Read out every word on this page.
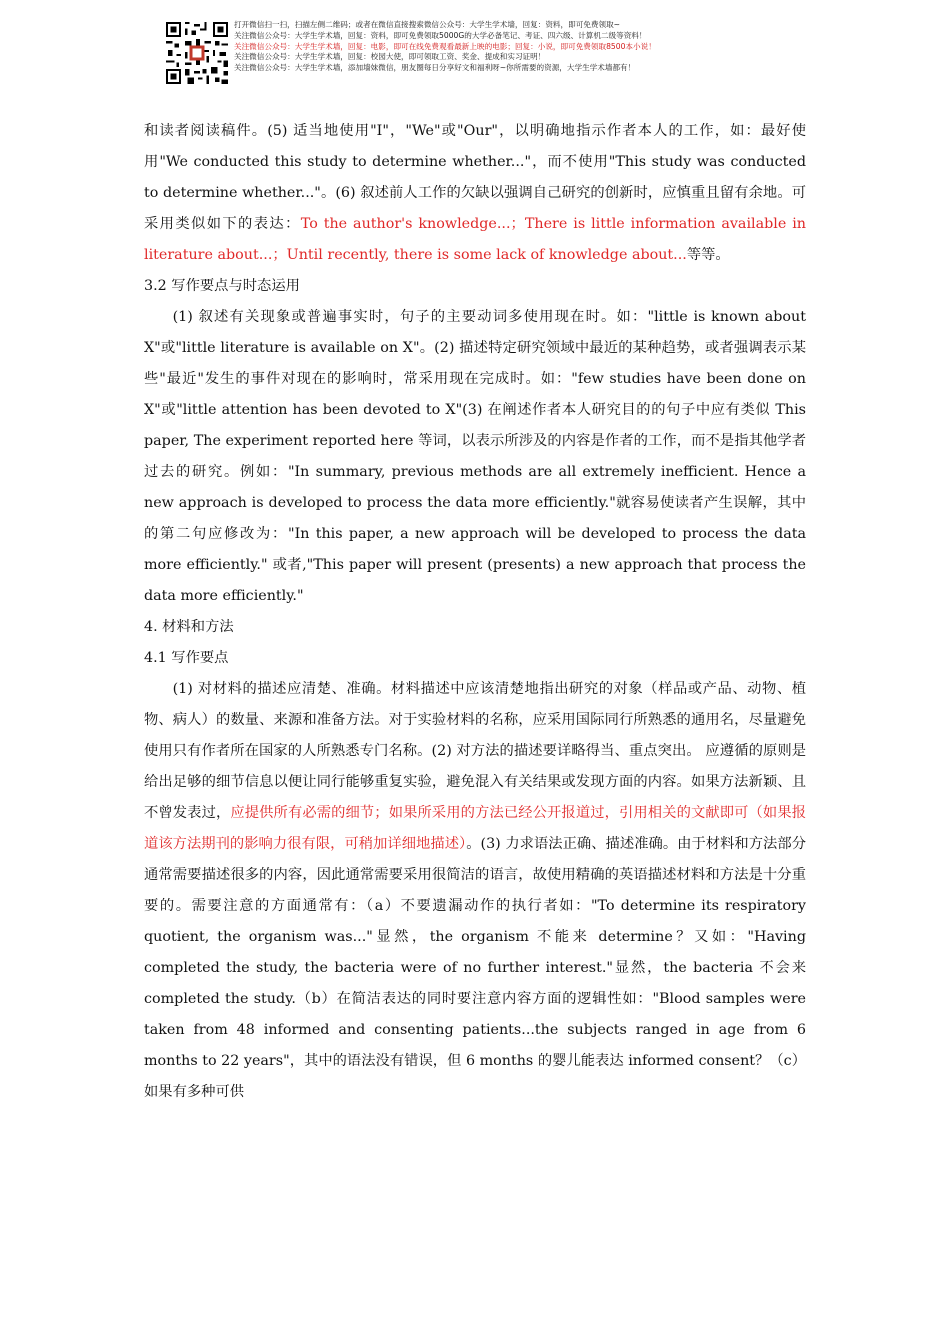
打开微信扫一扫，扫描左侧二维码；或者在微信直接搜索微信公众号：大学生学术墙，回复：资料，即可免费领取~
关注微信公众号：大学生学术墙，回复：资料，即可免费领取5000G的大学必备笔记、考证、四六级、计算机二级等资料！
关注微信公众号：大学生学术墙，回复：电影，即可在线免费观看最新上映的电影；回复：小说，即可免费领取8500本小说！
关注微信公众号：大学生学术墙，回复：校园大使，即可领取工资、奖金、提成和实习证明！
关注微信公众号：大学生学术墙，添加墙妹微信，朋友圈每日分享好文和福利呀~你所需要的资源，大学生学术墙都有！

和读者阅读稿件。(5) 适当地使用"I"，"We"或"Our"，以明确地指示作者本人的工作，如：最好使用"We conducted this study to determine whether..."，而不使用"This study was conducted to determine whether..."。(6) 叙述前人工作的欠缺以强调自己研究的创新时，应慎重且留有余地。可采用类似如下的表达：To the author's knowledge...；There is little information available in literature about...；Until recently, there is some lack of knowledge about...等等。

3.2 写作要点与时态运用

(1) 叙述有关现象或普遍事实时，句子的主要动词多使用现在时。如："little is known about X"或"little literature is available on X"。(2) 描述特定研究领域中最近的某种趋势，或者强调表示某些"最近"发生的事件对现在的影响时，常采用现在完成时。如："few studies have been done on X"或"little attention has been devoted to X"(3) 在阐述作者本人研究目的的句子中应有类似 This paper, The experiment reported here 等词，以表示所涉及的内容是作者的工作，而不是指其他学者过去的研究。例如："In summary, previous methods are all extremely inefficient. Hence a new approach is developed to process the data more efficiently."就容易使读者产生误解，其中的第二句应修改为："In this paper, a new approach will be developed to process the data more efficiently." 或者,"This paper will present (presents) a new approach that process the data more efficiently."

4. 材料和方法

4.1 写作要点

(1) 对材料的描述应清楚、准确。材料描述中应该清楚地指出研究的对象（样品或产品、动物、植物、病人）的数量、来源和准备方法。对于实验材料的名称，应采用国际同行所熟悉的通用名，尽量避免使用只有作者所在国家的人所熟悉专门名称。(2) 对方法的描述要详略得当、重点突出。 应遵循的原则是给出足够的细节信息以便让同行能够重复实验，避免混入有关结果或发现方面的内容。如果方法新颖、且不曾发表过，应提供所有必需的细节；如果所采用的方法已经公开报道过，引用相关的文献即可（如果报道该方法期刊的影响力很有限，可稍加详细地描述）。(3) 力求语法正确、描述准确。由于材料和方法部分通常需要描述很多的内容，因此通常需要采用很简洁的语言，故使用精确的英语描述材料和方法是十分重要的。需要注意的方面通常有：（a）不要遗漏动作的执行者如："To determine its respiratory quotient, the organism was..."显然，the organism 不能来 determine？又如："Having completed the study, the bacteria were of no further interest."显然，the bacteria 不会来 completed the study.（b）在简洁表达的同时要注意内容方面的逻辑性如："Blood samples were taken from 48 informed and consenting patients...the subjects ranged in age from 6 months to 22 years"，其中的语法没有错误，但 6 months 的婴儿能表达 informed consent？（c）如果有多种可供
